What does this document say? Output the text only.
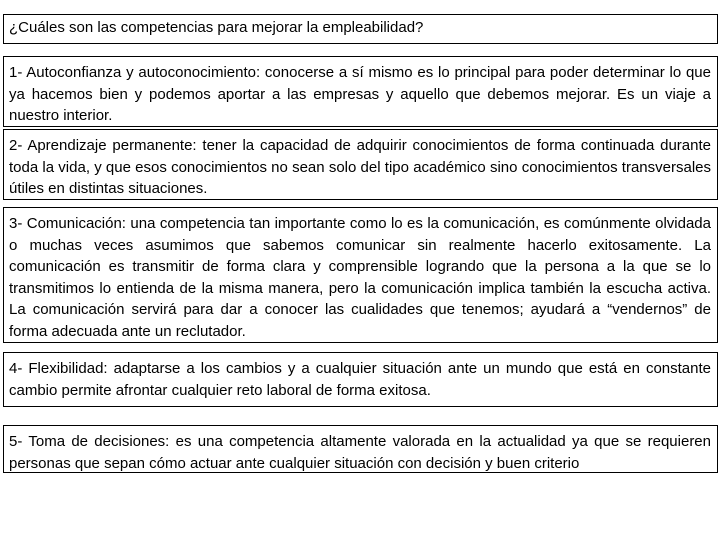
¿Cuáles son las competencias para mejorar la empleabilidad?
1- Autoconfianza y autoconocimiento: conocerse a sí mismo es lo principal para poder determinar lo que ya hacemos bien y podemos aportar a las empresas y aquello que debemos mejorar. Es un viaje a nuestro interior.
2- Aprendizaje permanente: tener la capacidad de adquirir conocimientos de forma continuada durante toda la vida, y que esos conocimientos no sean solo del tipo académico sino conocimientos transversales útiles en distintas situaciones.
3- Comunicación: una competencia tan importante como lo es la comunicación, es comúnmente olvidada o muchas veces asumimos que sabemos comunicar sin realmente hacerlo exitosamente. La comunicación es transmitir de forma clara y comprensible logrando que la persona a la que se lo transmitimos lo entienda de la misma manera, pero la comunicación implica también la escucha activa. La comunicación servirá para dar a conocer las cualidades que tenemos; ayudará a “vendernos” de forma adecuada ante un reclutador.
4- Flexibilidad: adaptarse a los cambios y a cualquier situación ante un mundo que está en constante cambio permite afrontar cualquier reto laboral de forma exitosa.
5- Toma de decisiones: es una competencia altamente valorada en la actualidad ya que se requieren personas que sepan cómo actuar ante cualquier situación con decisión y buen criterio
